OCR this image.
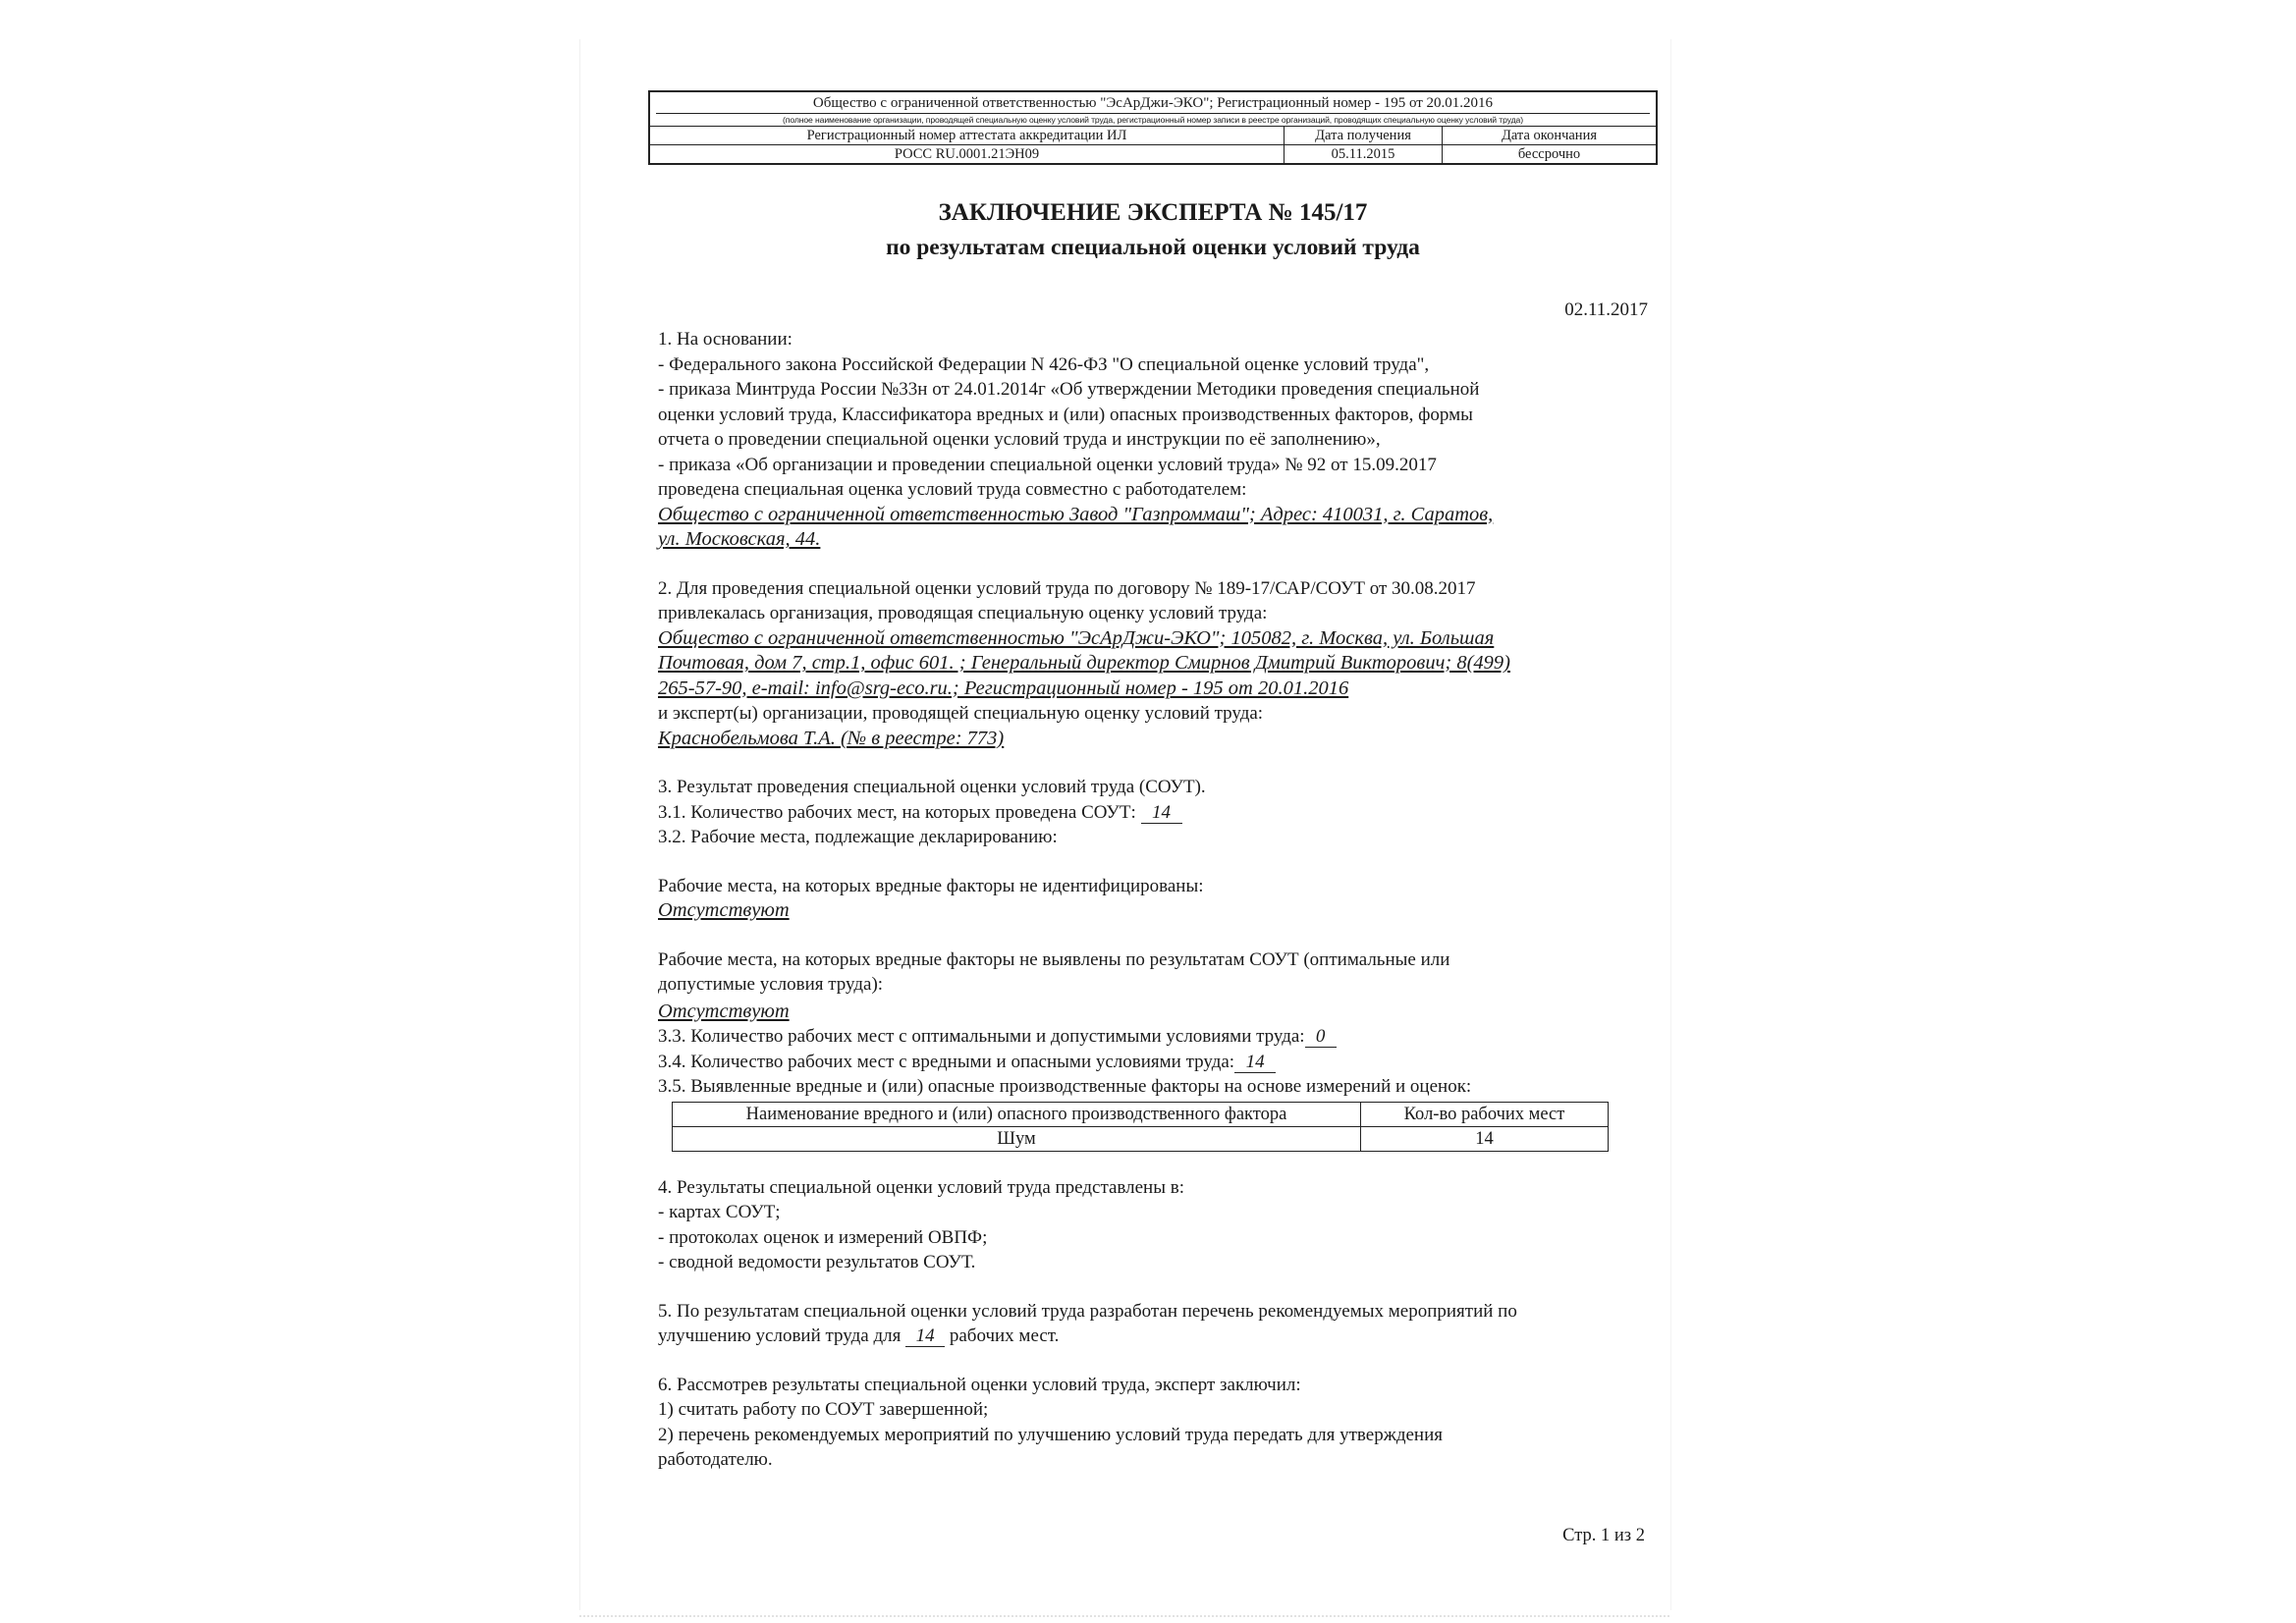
Общество с ограниченной ответственностью "ЭсАрДжи-ЭКО"; Регистрационный номер - 195 от 20.01.2016
(полное наименование организации, проводящей специальную оценку условий труда, регистрационный номер записи в реестре организаций, проводящих специальную оценку условий труда)
Регистрационный номер аттестата аккредитации ИЛ	Дата получения	Дата окончания
РОСС RU.0001.21ЭН09	05.11.2015	бессрочно
ЗАКЛЮЧЕНИЕ ЭКСПЕРТА № 145/17
по результатам специальной оценки условий труда
02.11.2017

1. На основании:

- Федерального закона Российской Федерации N 426-ФЗ "О специальной оценке условий труда",

- приказа Минтруда России №33н от 24.01.2014г «Об утверждении Методики проведения специальной

оценки условий труда, Классификатора вредных и (или) опасных производственных факторов, формы

отчета о проведении специальной оценки условий труда и инструкции по её заполнению»,

- приказа «Об организации и проведении специальной оценки условий труда» № 92 от 15.09.2017

проведена специальная оценка условий труда совместно с работодателем:

Общество с ограниченной ответственностью Завод "Газпроммаш"; Адрес: 410031, г. Саратов,

ул. Московская, 44.

2. Для проведения специальной оценки условий труда по договору № 189-17/САР/СОУТ от 30.08.2017

привлекалась организация, проводящая специальную оценку условий труда:

Общество с ограниченной ответственностью "ЭсАрДжи-ЭКО"; 105082, г. Москва, ул. Большая

Почтовая, дом 7, стр.1, офис 601. ; Генеральный директор Смирнов Дмитрий Викторович; 8(499)

265-57-90, e-mail: info@srg-eco.ru.; Регистрационный номер - 195 от 20.01.2016

и эксперт(ы) организации, проводящей специальную оценку условий труда:

Краснобельмова Т.А. (№ в реестре: 773)

3. Результат проведения специальной оценки условий труда (СОУТ).

3.1. Количество рабочих мест, на которых проведена СОУТ: 14

3.2. Рабочие места, подлежащие декларированию:

Рабочие места, на которых вредные факторы не идентифицированы:

Отсутствуют

Рабочие места, на которых вредные факторы не выявлены по результатам СОУТ (оптимальные или

допустимые условия труда):

Отсутствуют

3.3. Количество рабочих мест с оптимальными и допустимыми условиями труда: 0

3.4. Количество рабочих мест с вредными и опасными условиями труда: 14

3.5. Выявленные вредные и (или) опасные производственные факторы на основе измерений и оценок:

Наименование вредного и (или) опасного производственного фактора	Кол-во рабочих мест
Шум	14

4. Результаты специальной оценки условий труда представлены в:

- картах СОУТ;

- протоколах оценок и измерений ОВПФ;

- сводной ведомости результатов СОУТ.

5. По результатам специальной оценки условий труда разработан перечень рекомендуемых мероприятий по

улучшению условий труда для 14 рабочих мест.

6. Рассмотрев результаты специальной оценки условий труда, эксперт заключил:

1) считать работу по СОУТ завершенной;

2) перечень рекомендуемых мероприятий по улучшению условий труда передать для утверждения

работодателю.

Стр. 1 из 2
